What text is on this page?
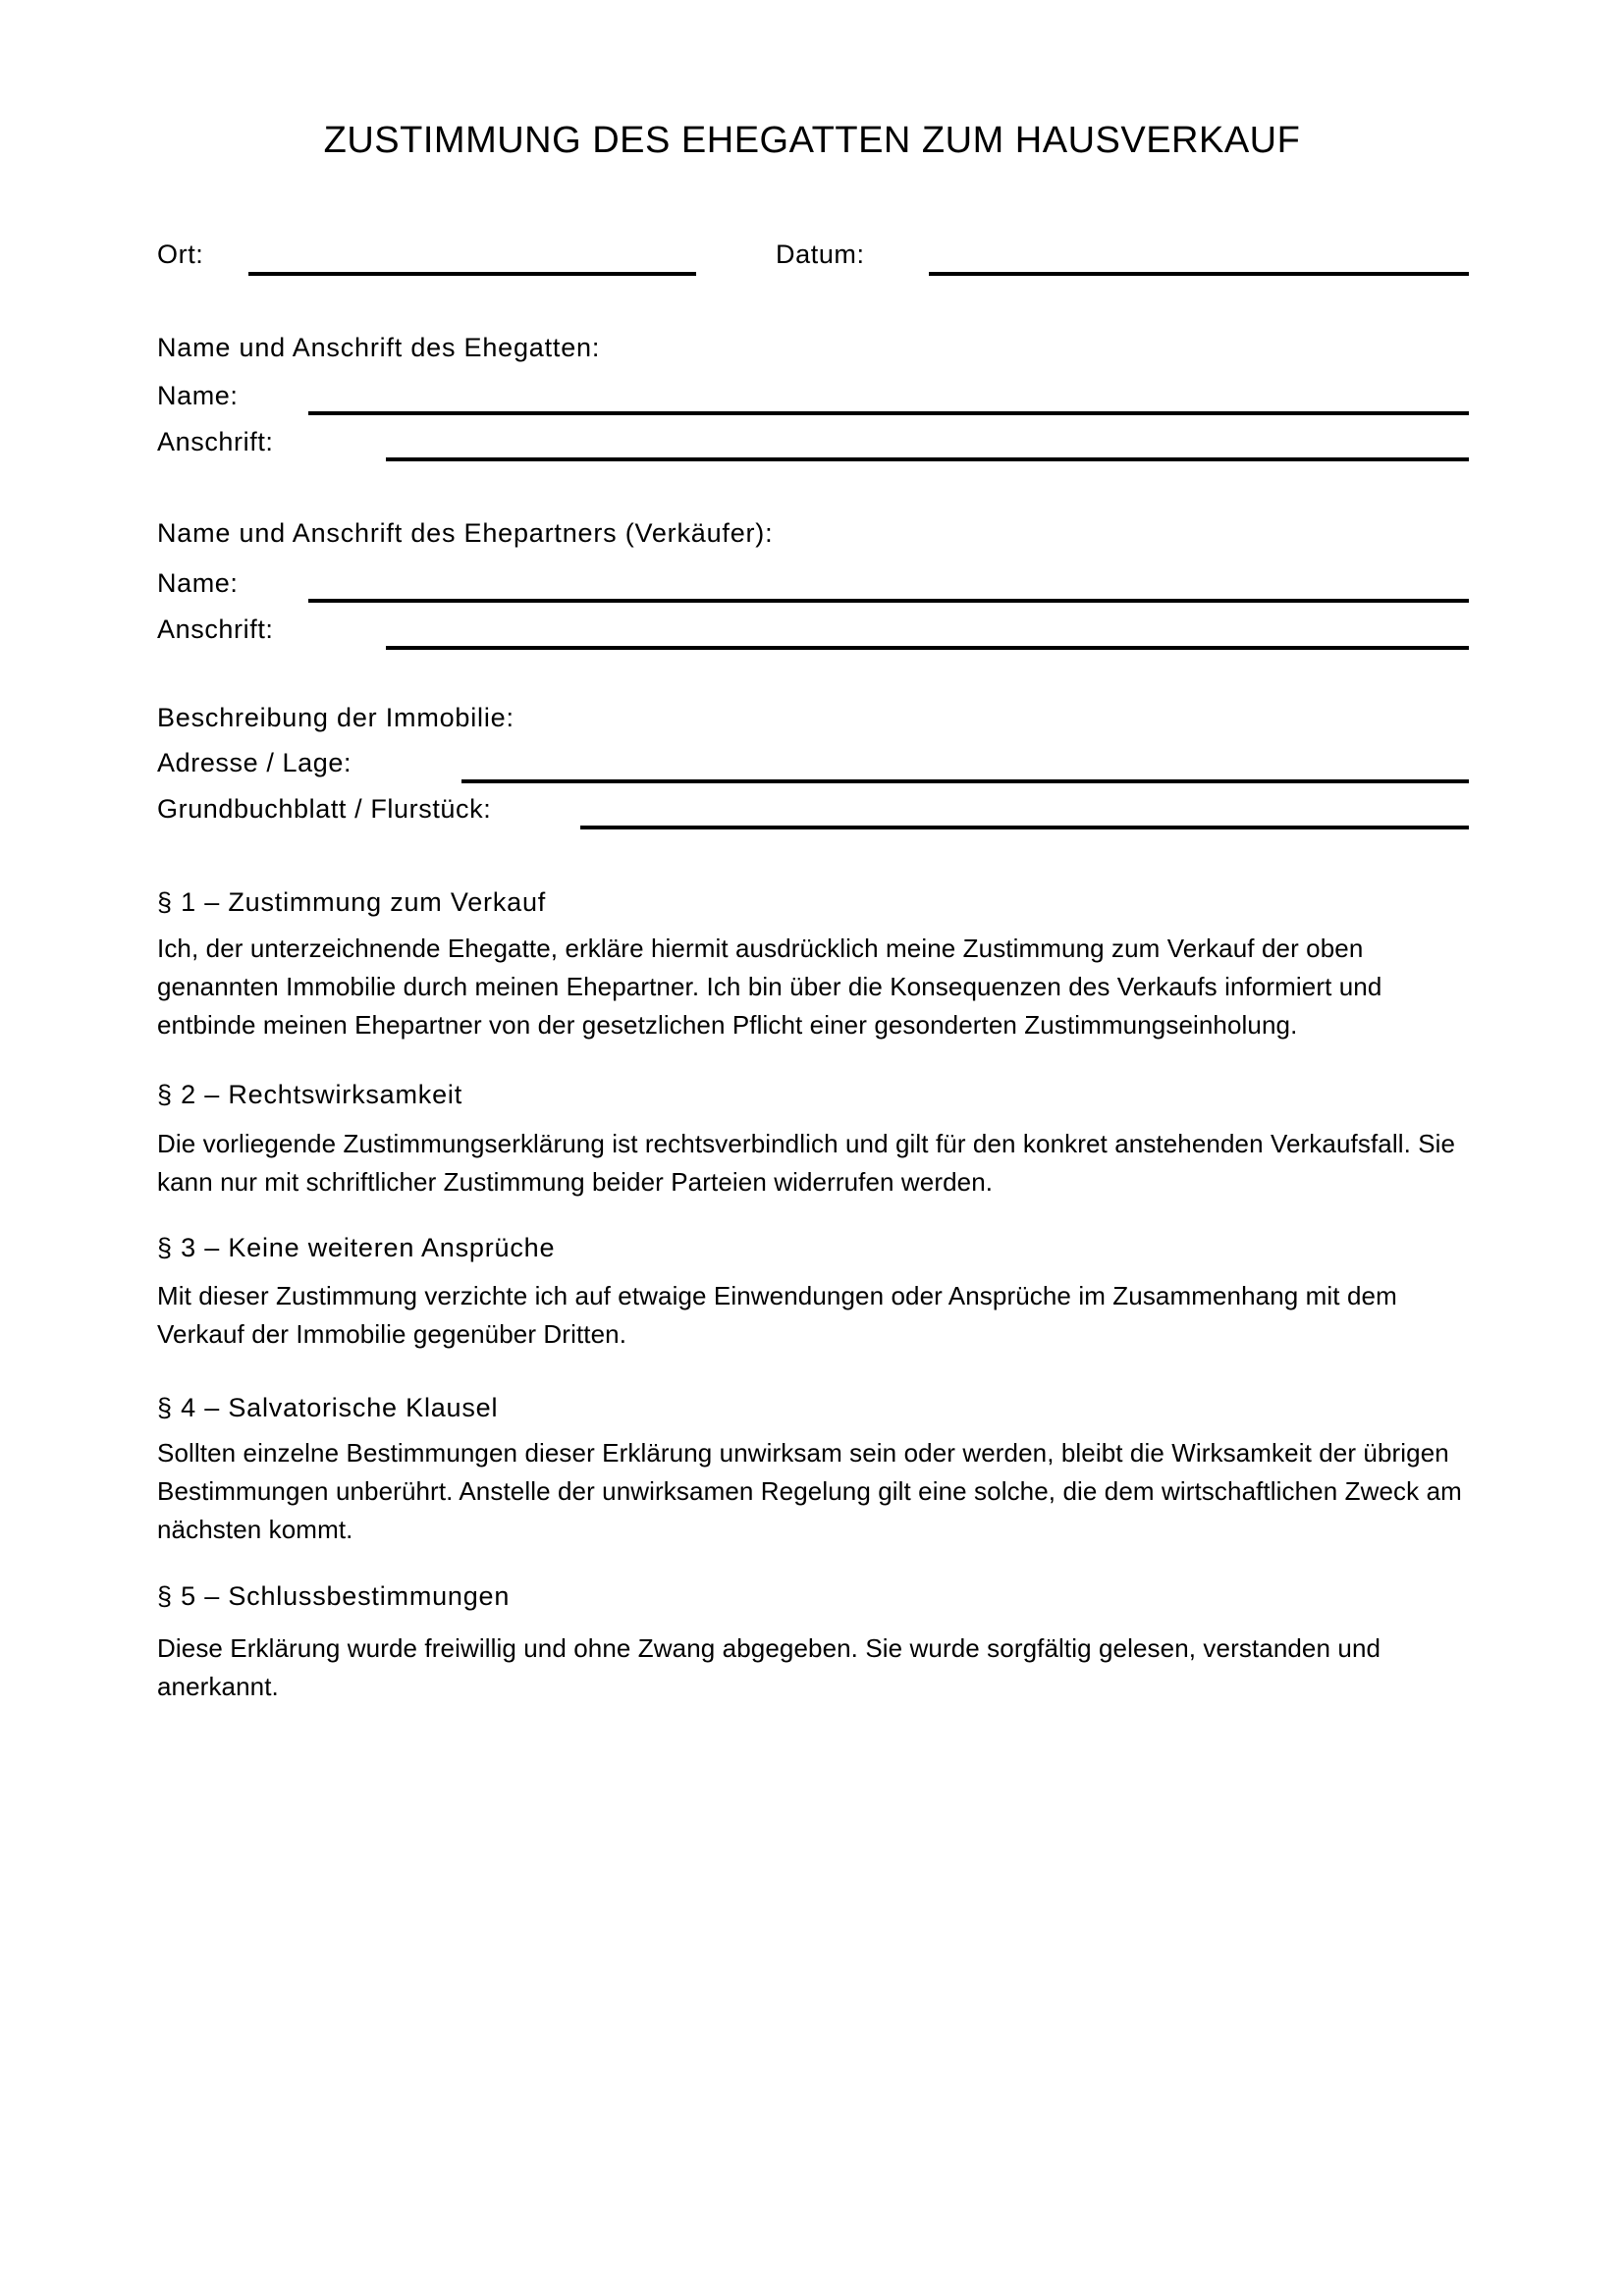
ZUSTIMMUNG DES EHEGATTEN ZUM HAUSVERKAUF
Ort:	Datum:
Name und Anschrift des Ehegatten:
Name:
Anschrift:
Name und Anschrift des Ehepartners (Verkäufer):
Name:
Anschrift:
Beschreibung der Immobilie:
Adresse / Lage:
Grundbuchblatt / Flurstück:
§ 1 – Zustimmung zum Verkauf
Ich, der unterzeichnende Ehegatte, erkläre hiermit ausdrücklich meine Zustimmung zum Verkauf der oben genannten Immobilie durch meinen Ehepartner. Ich bin über die Konsequenzen des Verkaufs informiert und entbinde meinen Ehepartner von der gesetzlichen Pflicht einer gesonderten Zustimmungseinholung.
§ 2 – Rechtswirksamkeit
Die vorliegende Zustimmungserklärung ist rechtsverbindlich und gilt für den konkret anstehenden Verkaufsfall. Sie kann nur mit schriftlicher Zustimmung beider Parteien widerrufen werden.
§ 3 – Keine weiteren Ansprüche
Mit dieser Zustimmung verzichte ich auf etwaige Einwendungen oder Ansprüche im Zusammenhang mit dem Verkauf der Immobilie gegenüber Dritten.
§ 4 – Salvatorische Klausel
Sollten einzelne Bestimmungen dieser Erklärung unwirksam sein oder werden, bleibt die Wirksamkeit der übrigen Bestimmungen unberührt. Anstelle der unwirksamen Regelung gilt eine solche, die dem wirtschaftlichen Zweck am nächsten kommt.
§ 5 – Schlussbestimmungen
Diese Erklärung wurde freiwillig und ohne Zwang abgegeben. Sie wurde sorgfältig gelesen, verstanden und anerkannt.
